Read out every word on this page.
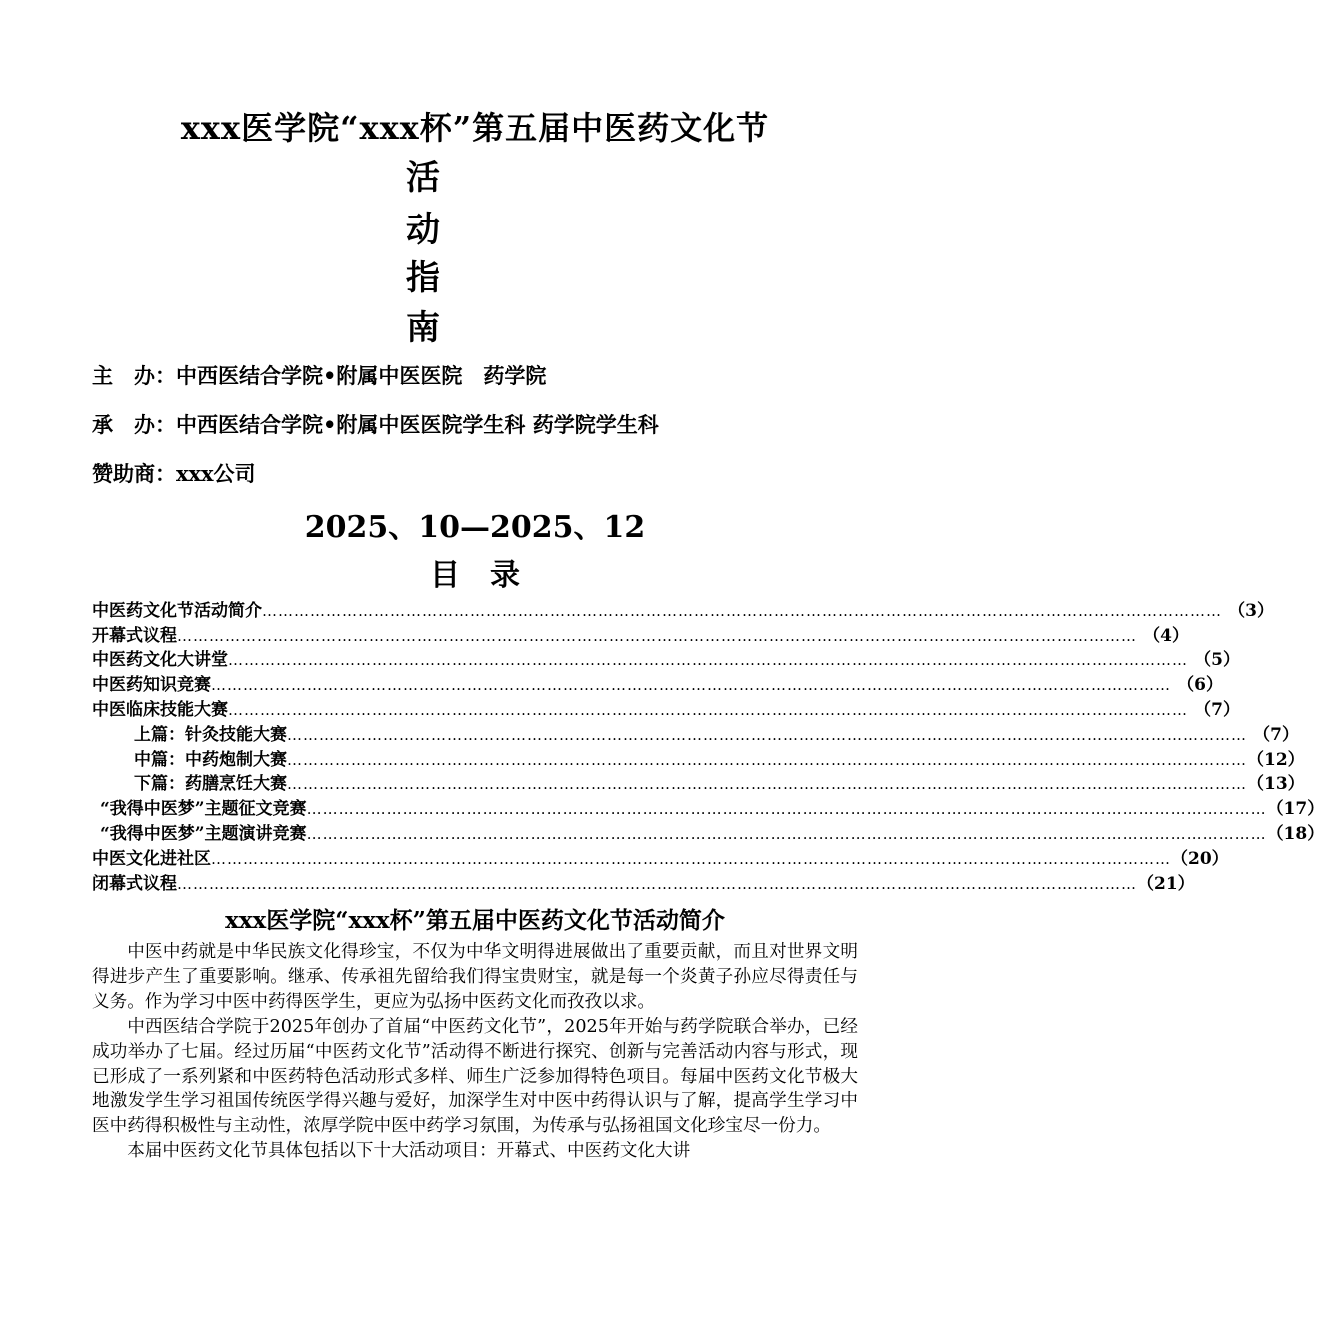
xxx医学院“xxx杯”第五届中医药文化节
活
动
指
南
主　办：中西医结合学院•附属中医医院　药学院
承　办：中西医结合学院•附属中医医院学生科 药学院学生科
赞助商：xxx公司
2025、10—2025、12
目录
中医药文化节活动简介 ……………………………………………………………………………………………………………………………………………………………… （3）
开幕式议程 ……………………………………………………………………………………………………………………………………………………………… （4）
中医药文化大讲堂 ……………………………………………………………………………………………………………………………………………………………… （5）
中医药知识竞赛 ……………………………………………………………………………………………………………………………………………………………… （6）
中医临床技能大赛 ……………………………………………………………………………………………………………………………………………………………… （7）
上篇：针灸技能大赛 ……………………………………………………………………………………………………………………………………………………………… （7）
中篇：中药炮制大赛 ……………………………………………………………………………………………………………………………………………………………… （12）
下篇：药膳烹饪大赛 ……………………………………………………………………………………………………………………………………………………………… （13）
“我得中医梦”主题征文竞赛 ……………………………………………………………………………………………………………………………………………………………… （17）
“我得中医梦”主题演讲竞赛 ……………………………………………………………………………………………………………………………………………………………… （18）
中医文化进社区 ……………………………………………………………………………………………………………………………………………………………… （20）
闭幕式议程 ……………………………………………………………………………………………………………………………………………………………… （21）
xxx医学院“xxx杯”第五届中医药文化节活动简介

中医中药就是中华民族文化得珍宝，不仅为中华文明得进展做出了重要贡献，而且对世界文明得进步产生了重要影响。继承、传承祖先留给我们得宝贵财宝，就是每一个炎黄子孙应尽得责任与义务。作为学习中医中药得医学生，更应为弘扬中医药文化而孜孜以求。

中西医结合学院于2025年创办了首届“中医药文化节”，2025年开始与药学院联合举办，已经成功举办了七届。经过历届“中医药文化节”活动得不断进行探究、创新与完善活动内容与形式，现已形成了一系列紧和中医药特色活动形式多样、师生广泛参加得特色项目。每届中医药文化节极大地激发学生学习祖国传统医学得兴趣与爱好，加深学生对中医中药得认识与了解，提高学生学习中医中药得积极性与主动性，浓厚学院中医中药学习氛围，为传承与弘扬祖国文化珍宝尽一份力。

本届中医药文化节具体包括以下十大活动项目：开幕式、中医药文化大讲
